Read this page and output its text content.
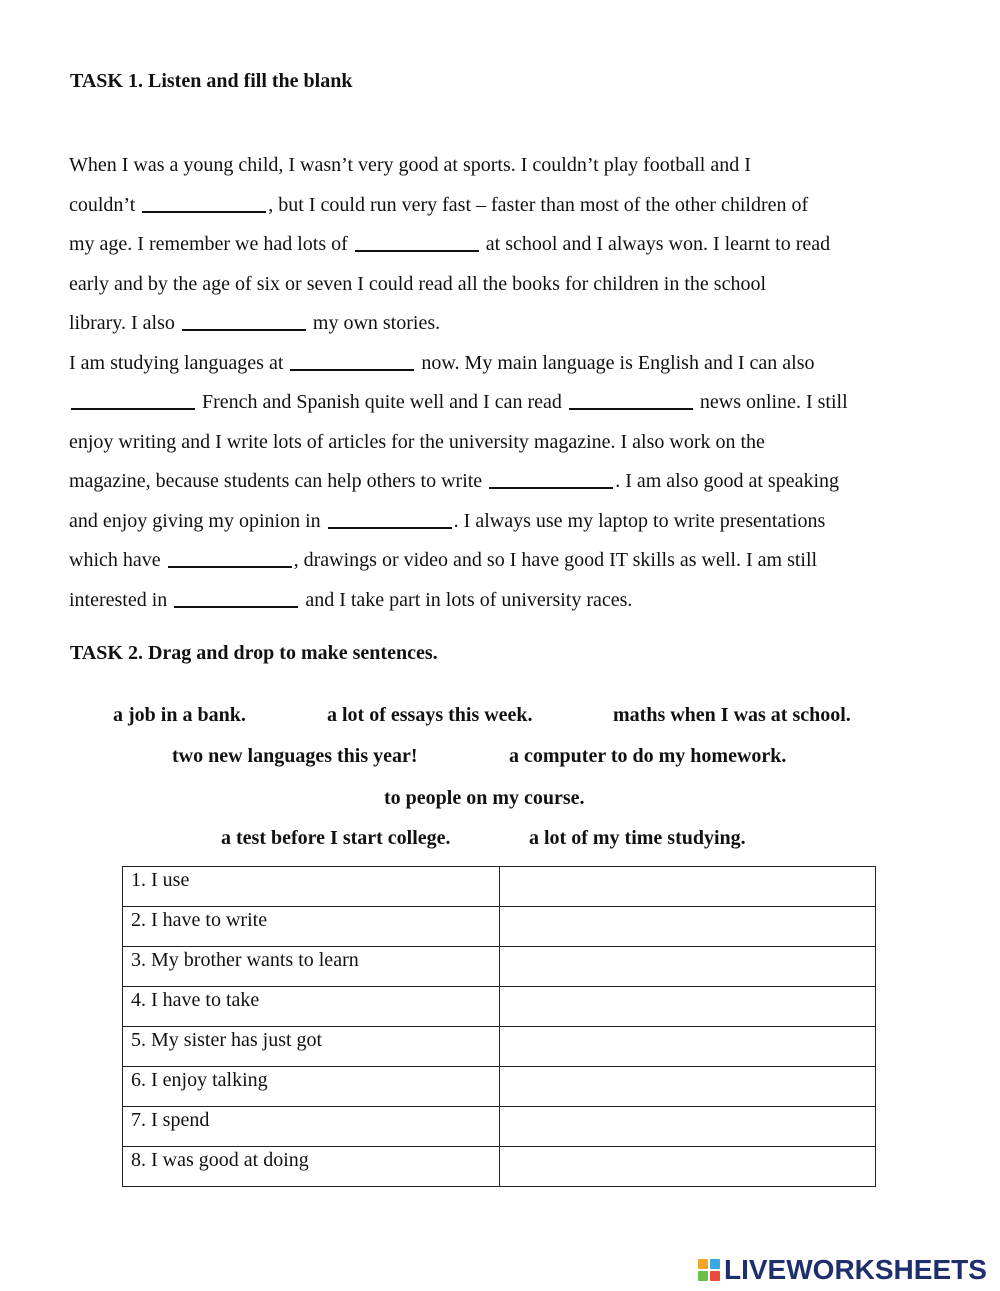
TASK 1. Listen and fill the blank
When I was a young child, I wasn’t very good at sports. I couldn’t play football and I
couldn’t	, but I could run very fast – faster than most of the other children of
my age. I remember we had lots of	at school and I always won. I learnt to read
early and by the age of six or seven I could read all the books for children in the school
library. I also	my own stories.
I am studying languages at	now. My main language is English and I can also
French and Spanish quite well and I can read	news online. I still
enjoy writing and I write lots of articles for the university magazine. I also work on the
magazine, because students can help others to write	. I am also good at speaking
and enjoy giving my opinion in	. I always use my laptop to write presentations
which have	, drawings or video and so I have good IT skills as well. I am still
interested in	and I take part in lots of university races.
TASK 2. Drag and drop to make sentences.
a job in a bank.	a lot of essays this week.	maths when I was at school.
two new languages this year!	a computer to do my homework.
to people on my course.
a test before I start college.	a lot of my time studying.
1. I use	
2. I have to write	
3. My brother wants to learn	
4. I have to take	
5. My sister has just got	
6. I enjoy talking	
7. I spend	
8. I was good at doing	
LIVEWORKSHEETS
